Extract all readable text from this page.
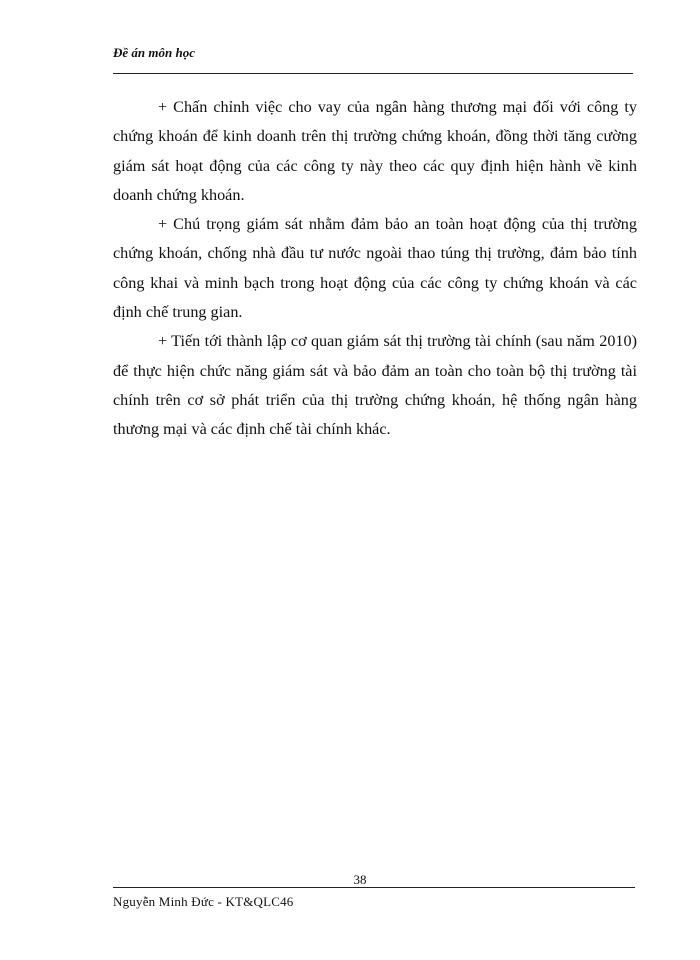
Đề án môn học

+ Chấn chỉnh việc cho vay của ngân hàng thương mại đối với công ty chứng khoán để kinh doanh trên thị trường chứng khoán, đồng thời tăng cường giám sát hoạt động của các công ty này theo các quy định hiện hành về kinh doanh chứng khoán.

+ Chú trọng giám sát nhằm đảm bảo an toàn hoạt động của thị trường chứng khoán, chống nhà đầu tư nước ngoài thao túng thị trường, đảm bảo tính công khai và minh bạch trong hoạt động của các công ty chứng khoán và các định chế trung gian.

+ Tiến tới thành lập cơ quan giám sát thị trường tài chính (sau năm 2010) để thực hiện chức năng giám sát và bảo đảm an toàn cho toàn bộ thị trường tài chính trên cơ sở phát triển của thị trường chứng khoán, hệ thống ngân hàng thương mại và các định chế tài chính khác.

38
Nguyễn Minh Đức - KT&QLC46
